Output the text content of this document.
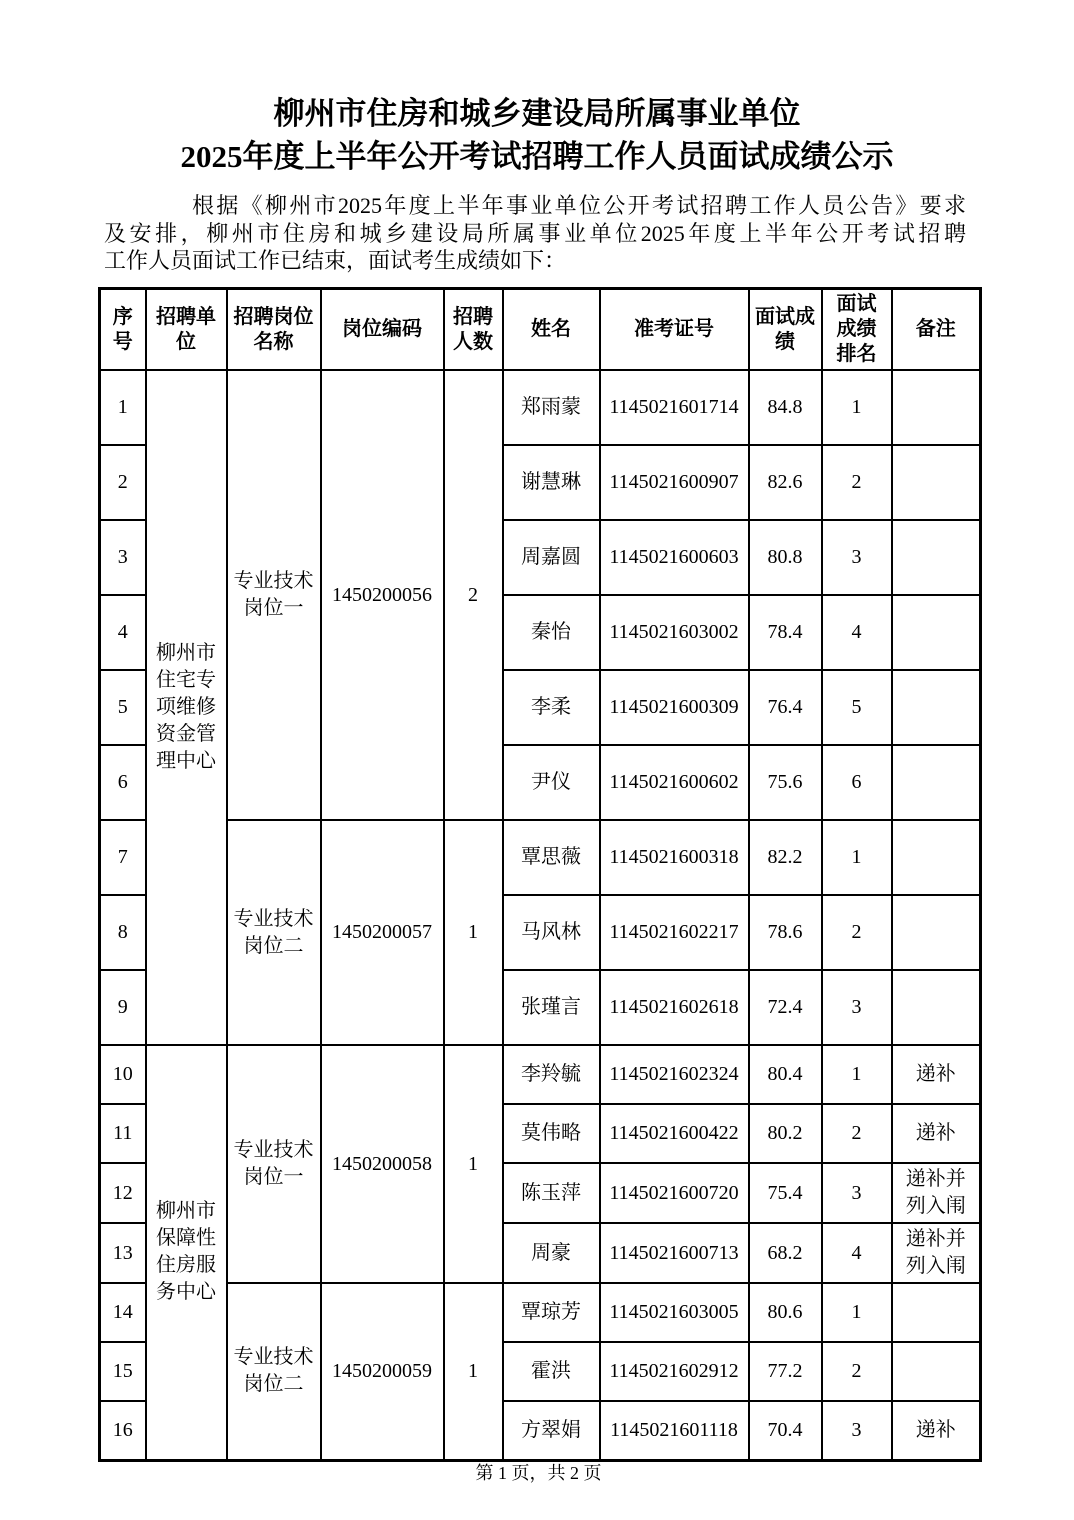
柳州市住房和城乡建设局所属事业单位
2025年度上半年公开考试招聘工作人员面试成绩公示
根据《柳州市2025年度上半年事业单位公开考试招聘工作人员公告》要求
及安排，柳州市住房和城乡建设局所属事业单位2025年度上半年公开考试招聘
工作人员面试工作已结束，面试考生成绩如下：
序号	招聘单位	招聘岗位名称	岗位编码	招聘人数	姓名	准考证号	面试成绩	面试成绩排名	备注
1	柳州市住宅专项维修资金管理中心	专业技术岗位一	1450200056	2	郑雨蒙	1145021601714	84.8	1	
2					谢慧琳	1145021600907	82.6	2	
3					周嘉圆	1145021600603	80.8	3	
4					秦怡	1145021603002	78.4	4	
5					李柔	1145021600309	76.4	5	
6					尹仪	1145021600602	75.6	6	
7		专业技术岗位二	1450200057	1	覃思薇	1145021600318	82.2	1	
8					马风林	1145021602217	78.6	2	
9					张瑾言	1145021602618	72.4	3	
10	柳州市保障性住房服务中心	专业技术岗位一	1450200058	1	李羚毓	1145021602324	80.4	1	递补
11					莫伟略	1145021600422	80.2	2	递补
12					陈玉萍	1145021600720	75.4	3	递补并列入闱
13					周豪	1145021600713	68.2	4	递补并列入闱
14		专业技术岗位二	1450200059	1	覃琼芳	1145021603005	80.6	1	
15					霍洪	1145021602912	77.2	2	
16					方翠娟	1145021601118	70.4	3	递补
第 1 页，共 2 页
